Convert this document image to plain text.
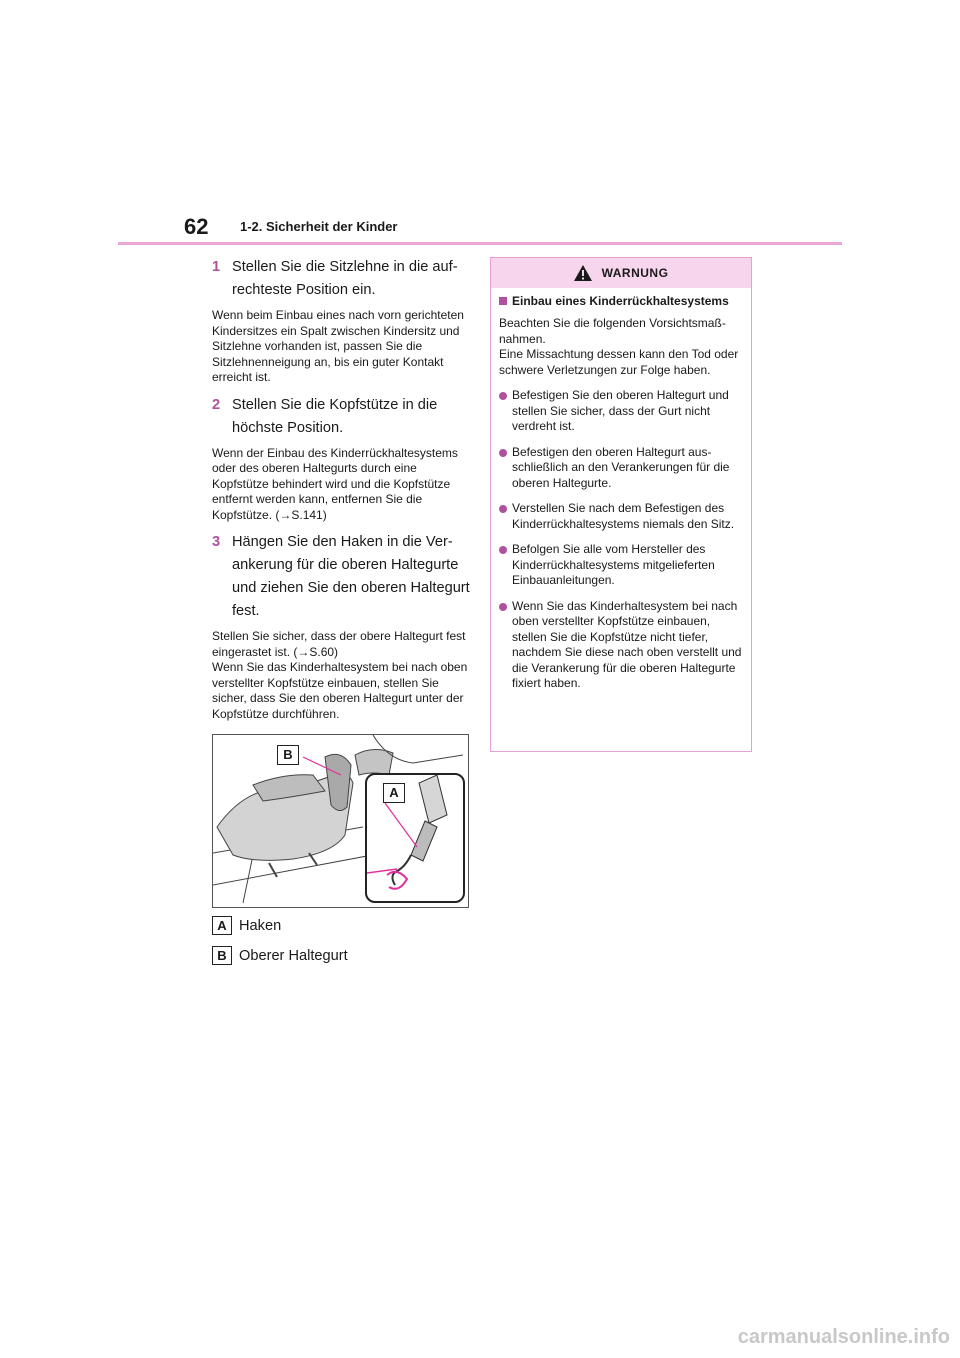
62 1-2. Sicherheit der Kinder
1 Stellen Sie die Sitzlehne in die aufrechteste Position ein.
Wenn beim Einbau eines nach vorn gerichteten Kindersitzes ein Spalt zwischen Kindersitz und Sitzlehne vorhanden ist, passen Sie die Sitzlehnenneigung an, bis ein guter Kontakt erreicht ist.
2 Stellen Sie die Kopfstütze in die höchste Position.
Wenn der Einbau des Kinderrückhaltesystems oder des oberen Haltegurts durch eine Kopfstütze behindert wird und die Kopfstütze entfernt werden kann, entfernen Sie die Kopfstütze. (→S.141)
3 Hängen Sie den Haken in die Verankerung für die oberen Haltegurte und ziehen Sie den oberen Haltegurt fest.
Stellen Sie sicher, dass der obere Haltegurt fest eingerastet ist. (→S.60)
Wenn Sie das Kinderhaltesystem bei nach oben verstellter Kopfstütze einbauen, stellen Sie sicher, dass Sie den oberen Haltegurt unter der Kopfstütze durchführen.
B
A
A Haken
B Oberer Haltegurt
WARNUNG
Einbau eines Kinderrückhaltesystems
Beachten Sie die folgenden Vorsichtsmaßnahmen.
Eine Missachtung dessen kann den Tod oder schwere Verletzungen zur Folge haben.
Befestigen Sie den oberen Haltegurt und stellen Sie sicher, dass der Gurt nicht verdreht ist.
Befestigen den oberen Haltegurt ausschließlich an den Verankerungen für die oberen Haltegurte.
Verstellen Sie nach dem Befestigen des Kinderrückhaltesystems niemals den Sitz.
Befolgen Sie alle vom Hersteller des Kinderrückhaltesystems mitgelieferten Einbauanleitungen.
Wenn Sie das Kinderhaltesystem bei nach oben verstellter Kopfstütze einbauen, stellen Sie die Kopfstütze nicht tiefer, nachdem Sie diese nach oben verstellt und die Verankerung für die oberen Haltegurte fixiert haben.
carmanualsonline.info
